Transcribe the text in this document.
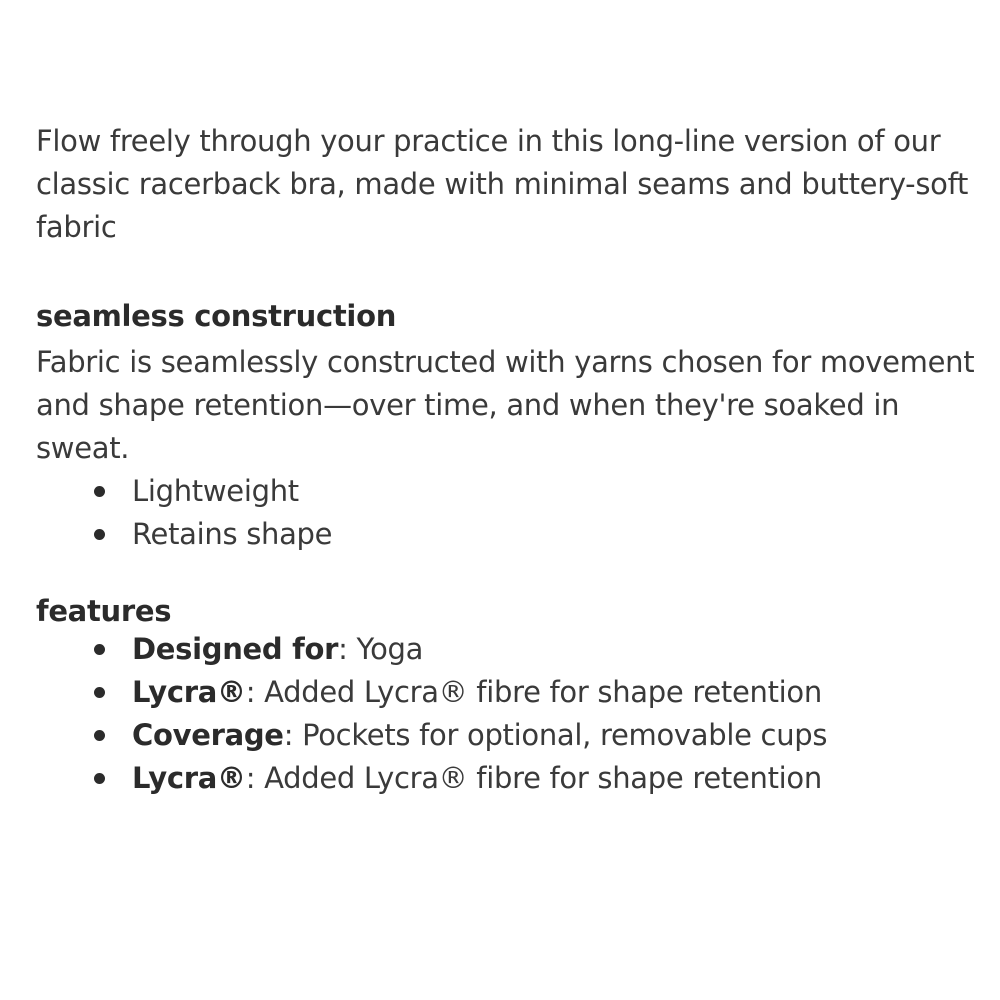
Flow freely through your practice in this long-line version of our classic racerback bra, made with minimal seams and buttery-soft fabric

seamless construction

Fabric is seamlessly constructed with yarns chosen for movement and shape retention—over time, and when they're soaked in sweat.

Lightweight
Retains shape
features
Designed for: Yoga
Lycra®: Added Lycra® fibre for shape retention
Coverage: Pockets for optional, removable cups
Lycra®: Added Lycra® fibre for shape retention
